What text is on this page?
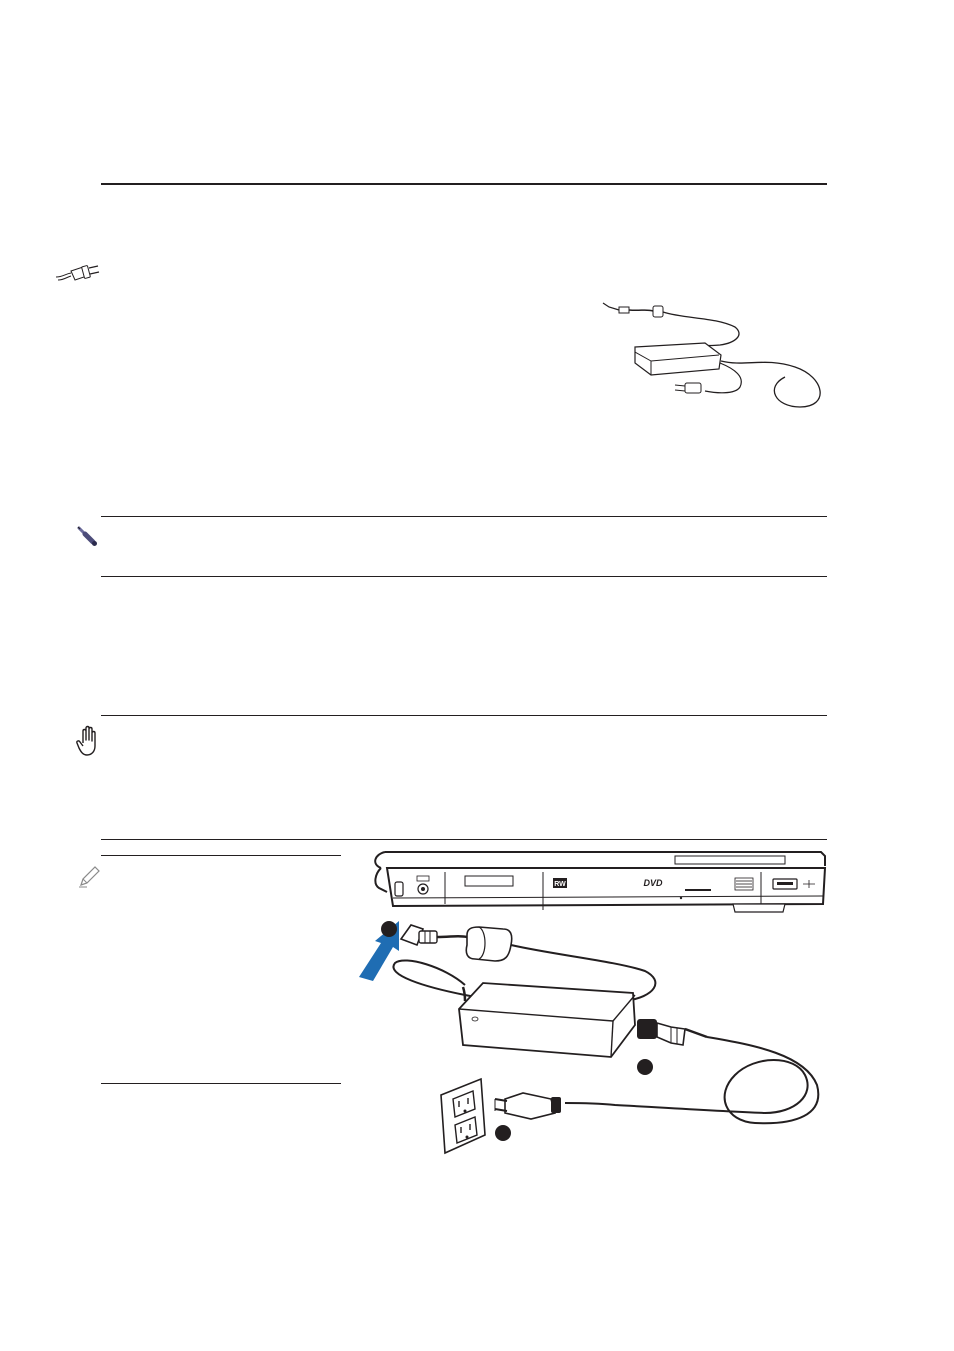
RW	DVD
